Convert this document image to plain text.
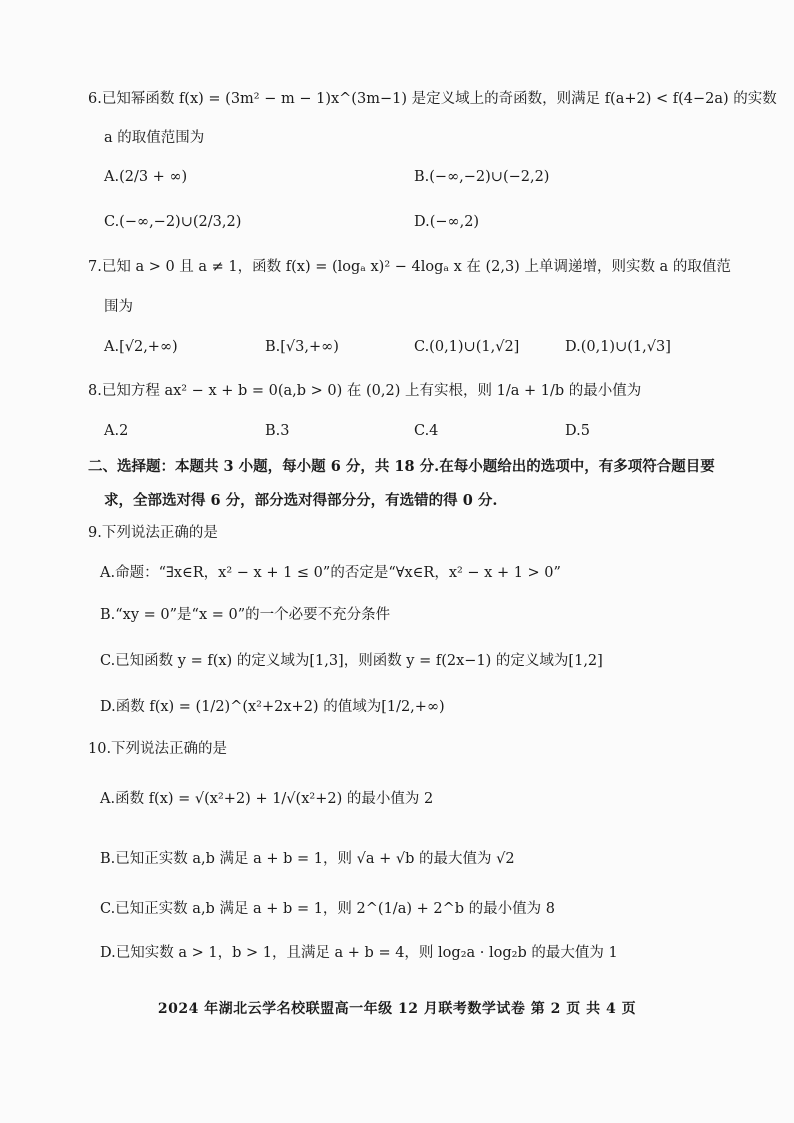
6.已知幂函数 f(x) = (3m² − m − 1)x^(3m−1) 是定义域上的奇函数，则满足 f(a+2) < f(4−2a) 的实数
a 的取值范围为
A.(2/3 + ∞)	B.(−∞,−2)∪(−2,2)
C.(−∞,−2)∪(2/3,2)	D.(−∞,2)
7.已知 a > 0 且 a ≠ 1，函数 f(x) = (logₐ x)² − 4logₐ x 在 (2,3) 上单调递增，则实数 a 的取值范
围为
A.[√2,+∞)	B.[√3,+∞)	C.(0,1)∪(1,√2]	D.(0,1)∪(1,√3]
8.已知方程 ax² − x + b = 0(a,b > 0) 在 (0,2) 上有实根，则 1/a + 1/b 的最小值为
A.2	B.3	C.4	D.5
二、选择题：本题共 3 小题，每小题 6 分，共 18 分.在每小题给出的选项中，有多项符合题目要
求，全部选对得 6 分，部分选对得部分分，有选错的得 0 分.
9.下列说法正确的是
A.命题：“∃x∈R，x² − x + 1 ≤ 0”的否定是“∀x∈R，x² − x + 1 > 0”
B.“xy = 0”是“x = 0”的一个必要不充分条件
C.已知函数 y = f(x) 的定义域为[1,3]，则函数 y = f(2x−1) 的定义域为[1,2]
D.函数 f(x) = (1/2)^(x²+2x+2) 的值域为[1/2,+∞)
10.下列说法正确的是
A.函数 f(x) = √(x²+2) + 1/√(x²+2) 的最小值为 2
B.已知正实数 a,b 满足 a + b = 1，则 √a + √b 的最大值为 √2
C.已知正实数 a,b 满足 a + b = 1，则 2^(1/a) + 2^b 的最小值为 8
D.已知实数 a > 1，b > 1，且满足 a + b = 4，则 log₂a · log₂b 的最大值为 1
2024 年湖北云学名校联盟高一年级 12 月联考数学试卷 第 2 页 共 4 页
